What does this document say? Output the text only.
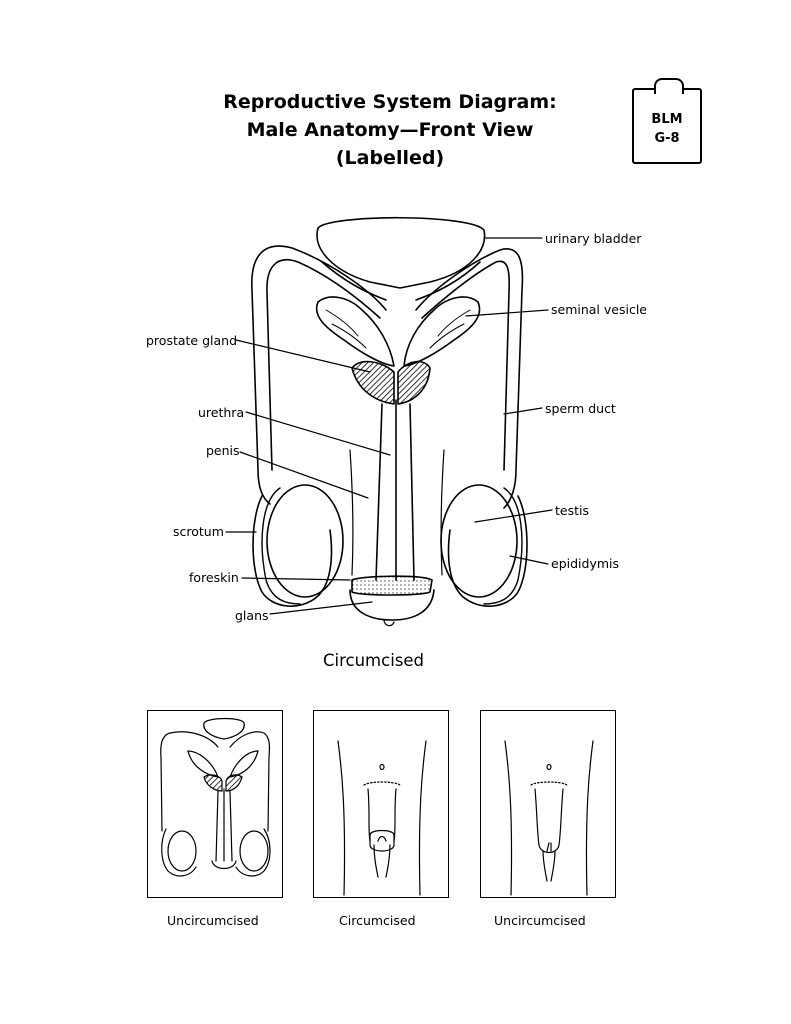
Reproductive System Diagram:
Male Anatomy—Front View
(Labelled)
BLM
G-8
urinary bladder
seminal vesicle
prostate gland
urethra	sperm duct
penis
testis
scrotum
epididymis
foreskin
glans
Circumcised
Uncircumcised	Circumcised	Uncircumcised
